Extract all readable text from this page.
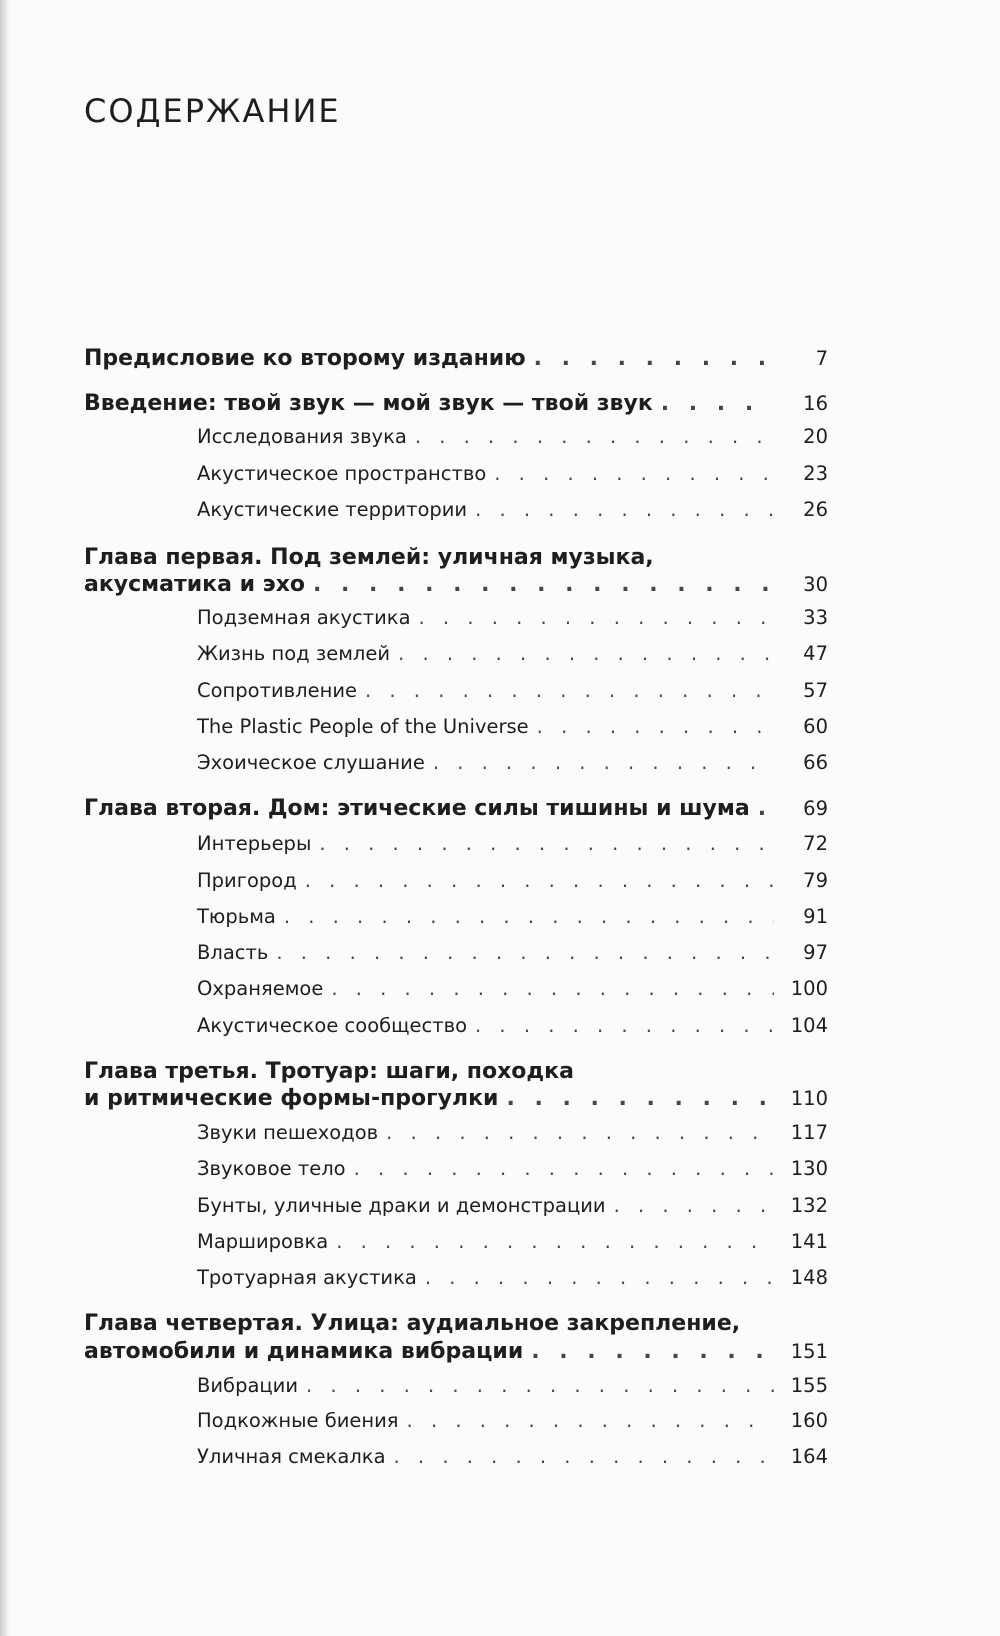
СОДЕРЖАНИЕ
Предисловие ко второму изданию . . .	7
Введение: твой звук — мой звук — твой звук . . .	16
Исследования звука . . .	20
Акустическое пространство . . .	23
Акустические территории . . .	26
Глава первая. Под землей: уличная музыка,
акусматика и эхо . . .	30
Подземная акустика . . .	33
Жизнь под землей . . .	47
Сопротивление . . .	57
The Plastic People of the Universe . . .	60
Эхоическое слушание . . .	66
Глава вторая. Дом: этические силы тишины и шума . . .	69
Интерьеры . . .	72
Пригород . . .	79
Тюрьма . . .	91
Власть . . .	97
Охраняемое . . .	100
Акустическое сообщество . . .	104
Глава третья. Тротуар: шаги, походка
и ритмические формы-прогулки . . .	110
Звуки пешеходов . . .	117
Звуковое тело . . .	130
Бунты, уличные драки и демонстрации . . .	132
Маршировка . . .	141
Тротуарная акустика . . .	148
Глава четвертая. Улица: аудиальное закрепление,
автомобили и динамика вибрации . . .	151
Вибрации . . .	155
Подкожные биения . . .	160
Уличная смекалка . . .	164
